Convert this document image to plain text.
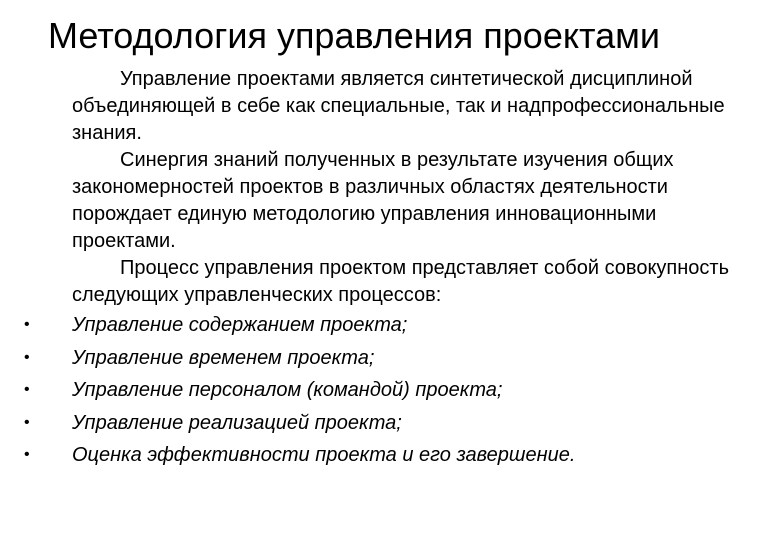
Методология управления проектами

Управление проектами является синтетической дисциплиной объединяющей в себе как специальные, так и надпрофессиональные знания.

Синергия знаний полученных в результате изучения общих закономерностей проектов в различных областях деятельности порождает единую методологию управления инновационными проектами.

Процесс управления проектом представляет собой совокупность следующих управленческих процессов:

• Управление содержанием проекта;
• Управление временем проекта;
• Управление персоналом (командой) проекта;
• Управление реализацией проекта;
• Оценка эффективности проекта и его завершение.
